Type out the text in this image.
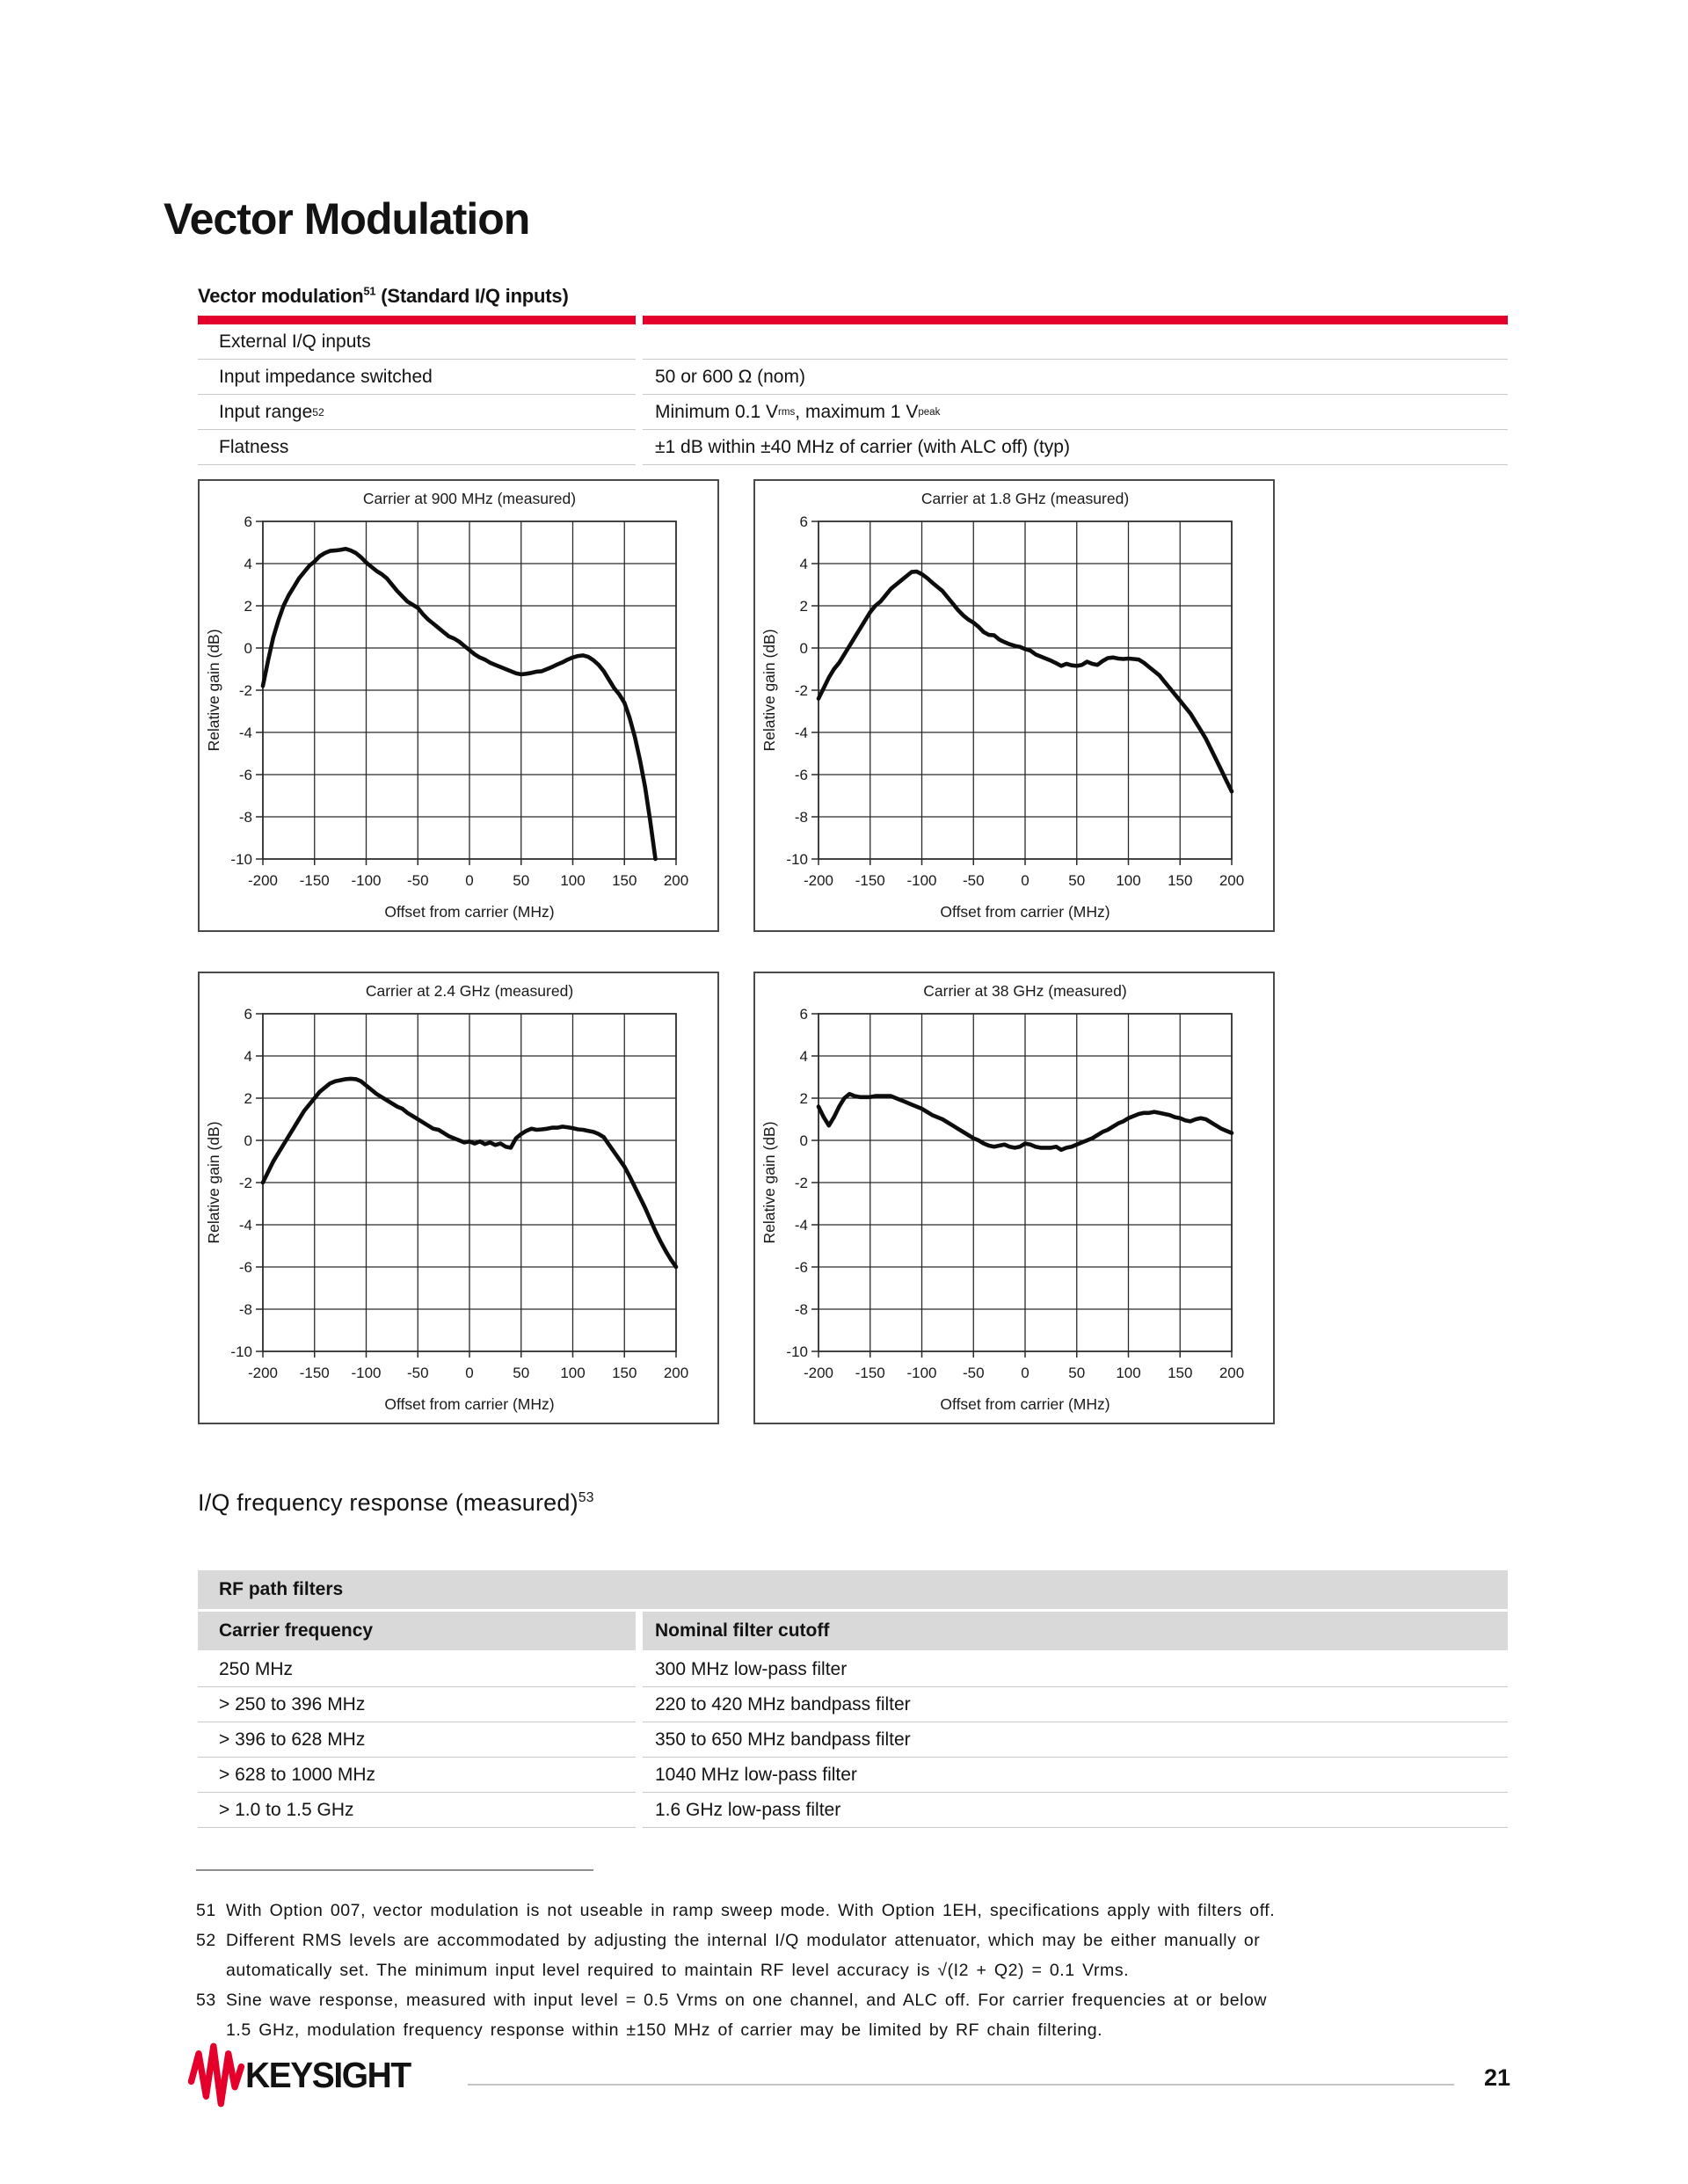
Vector Modulation
Vector modulation$^{51}$ (Standard I/Q inputs)
External I/Q inputs
Input impedance switched	50 or 600 Ω (nom)
Input range 52	Minimum 0.1 V rms , maximum 1 V peak
Flatness	±1 dB within ±40 MHz of carrier (with ALC off) (typ)
-200 -150 -100 -50 0	50 100 150 200
6
4
2
0
-2
-4
-6
-8
-10
Carrier at 900 MHz (measured)
Offset from carrier (MHz)
Relative gain (dB)
-200 -150 -100 -50 0	50 100 150 200
6
4
2
0
-2
-4
-6
-8
-10
Carrier at 1.8 GHz (measured)
Offset from carrier (MHz)
Relative gain (dB)
-200 -150 -100 -50 0	50 100 150 200
6
4
2
0
-2
-4
-6
-8
-10
Carrier at 2.4 GHz (measured)
Offset from carrier (MHz)
Relative gain (dB)
-200 -150 -100 -50 0	50 100 150 200
6
4
2
0
-2
-4
-6
-8
-10
Carrier at 38 GHz (measured)
Offset from carrier (MHz)
Relative gain (dB)
I/Q frequency response (measured)$^{53}$
RF path filters
Carrier frequency	Nominal filter cutoff
250 MHz	300 MHz low-pass filter
> 250 to 396 MHz	220 to 420 MHz bandpass filter
> 396 to 628 MHz	350 to 650 MHz bandpass filter
> 628 to 1000 MHz	1040 MHz low-pass filter
> 1.0 to 1.5 GHz	1.6 GHz low-pass filter
51 With Option 007, vector modulation is not useable in ramp sweep mode. With Option 1EH, specifications apply with filters off.
52 Different RMS levels are accommodated by adjusting the internal I/Q modulator attenuator, which may be either manually or
automatically set. The minimum input level required to maintain RF level accuracy is √(I2 + Q2) = 0.1 Vrms.
53 Sine wave response, measured with input level = 0.5 Vrms on one channel, and ALC off. For carrier frequencies at or below
1.5 GHz, modulation frequency response within ±150 MHz of carrier may be limited by RF chain filtering.
KEYSIGHT	21
